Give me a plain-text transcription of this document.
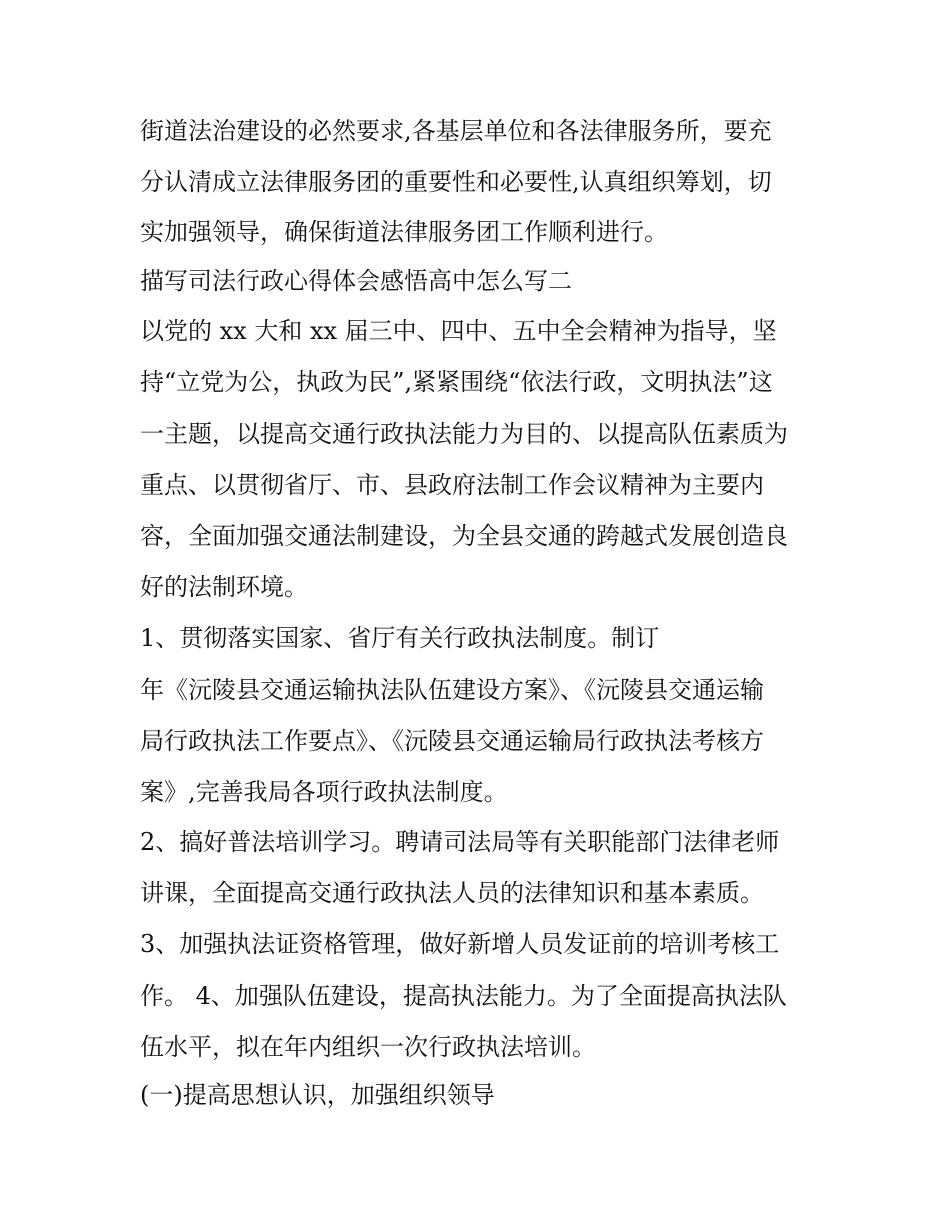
街道法治建设的必然要求,各基层单位和各法律服务所，要充

分认清成立法律服务团的重要性和必要性,认真组织筹划，切

实加强领导，确保街道法律服务团工作顺利进行。

描写司法行政心得体会感悟高中怎么写二

以党的 xx 大和 xx 届三中、四中、五中全会精神为指导，坚

持“立党为公，执政为民”,紧紧围绕“依法行政，文明执法”这

一主题，以提高交通行政执法能力为目的、以提高队伍素质为

重点、以贯彻省厅、市、县政府法制工作会议精神为主要内

容，全面加强交通法制建设，为全县交通的跨越式发展创造良

好的法制环境。

1、贯彻落实国家、省厅有关行政执法制度。制订

年《沅陵县交通运输执法队伍建设方案》、《沅陵县交通运输

局行政执法工作要点》、《沅陵县交通运输局行政执法考核方

案》,完善我局各项行政执法制度。

2、搞好普法培训学习。聘请司法局等有关职能部门法律老师

讲课，全面提高交通行政执法人员的法律知识和基本素质。

3、加强执法证资格管理，做好新增人员发证前的培训考核工

作。 4、加强队伍建设，提高执法能力。为了全面提高执法队

伍水平，拟在年内组织一次行政执法培训。

(一)提高思想认识，加强组织领导
